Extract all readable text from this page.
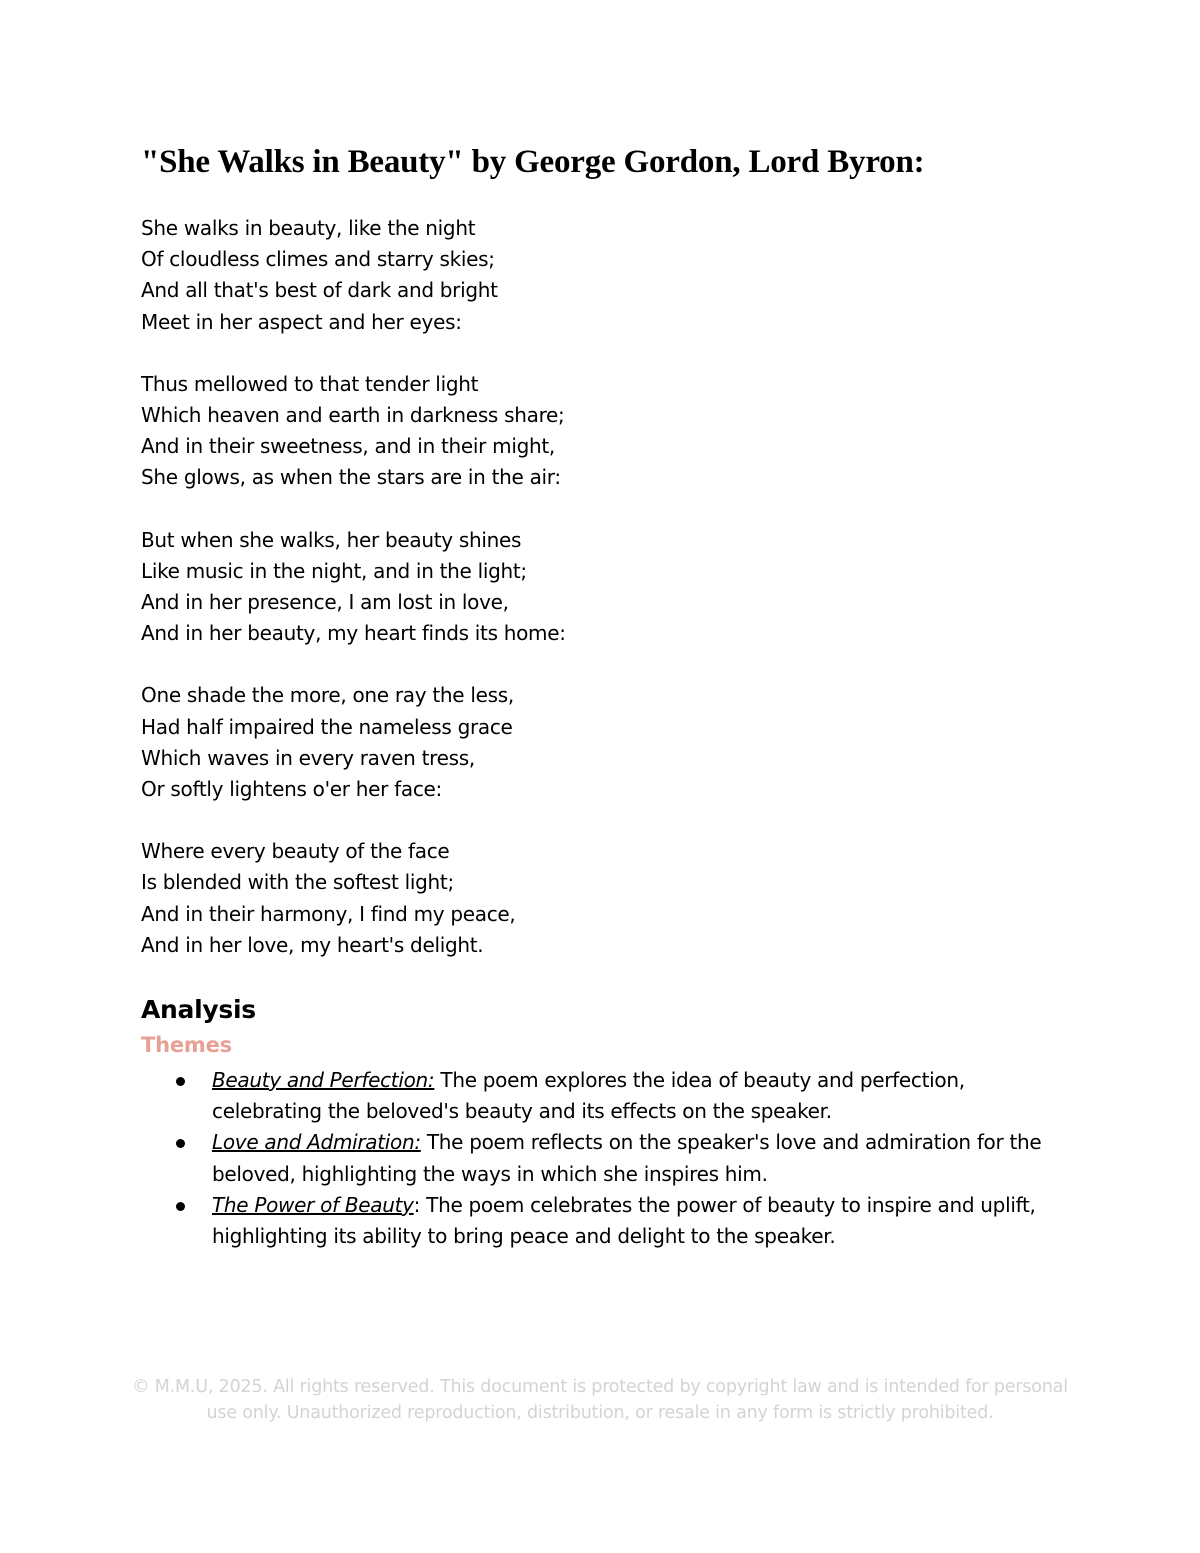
"She Walks in Beauty" by George Gordon, Lord Byron:
She walks in beauty, like the night
Of cloudless climes and starry skies;
And all that's best of dark and bright
Meet in her aspect and her eyes:
Thus mellowed to that tender light
Which heaven and earth in darkness share;
And in their sweetness, and in their might,
She glows, as when the stars are in the air:
But when she walks, her beauty shines
Like music in the night, and in the light;
And in her presence, I am lost in love,
And in her beauty, my heart finds its home:
One shade the more, one ray the less,
Had half impaired the nameless grace
Which waves in every raven tress,
Or softly lightens o'er her face:
Where every beauty of the face
Is blended with the softest light;
And in their harmony, I find my peace,
And in her love, my heart's delight.
Analysis
Themes
Beauty and Perfection: The poem explores the idea of beauty and perfection, celebrating the beloved's beauty and its effects on the speaker.
Love and Admiration: The poem reflects on the speaker's love and admiration for the beloved, highlighting the ways in which she inspires him.
The Power of Beauty: The poem celebrates the power of beauty to inspire and uplift, highlighting its ability to bring peace and delight to the speaker.

© M.M.U, 2025. All rights reserved. This document is protected by copyright law and is intended for personal use only. Unauthorized reproduction, distribution, or resale in any form is strictly prohibited.
